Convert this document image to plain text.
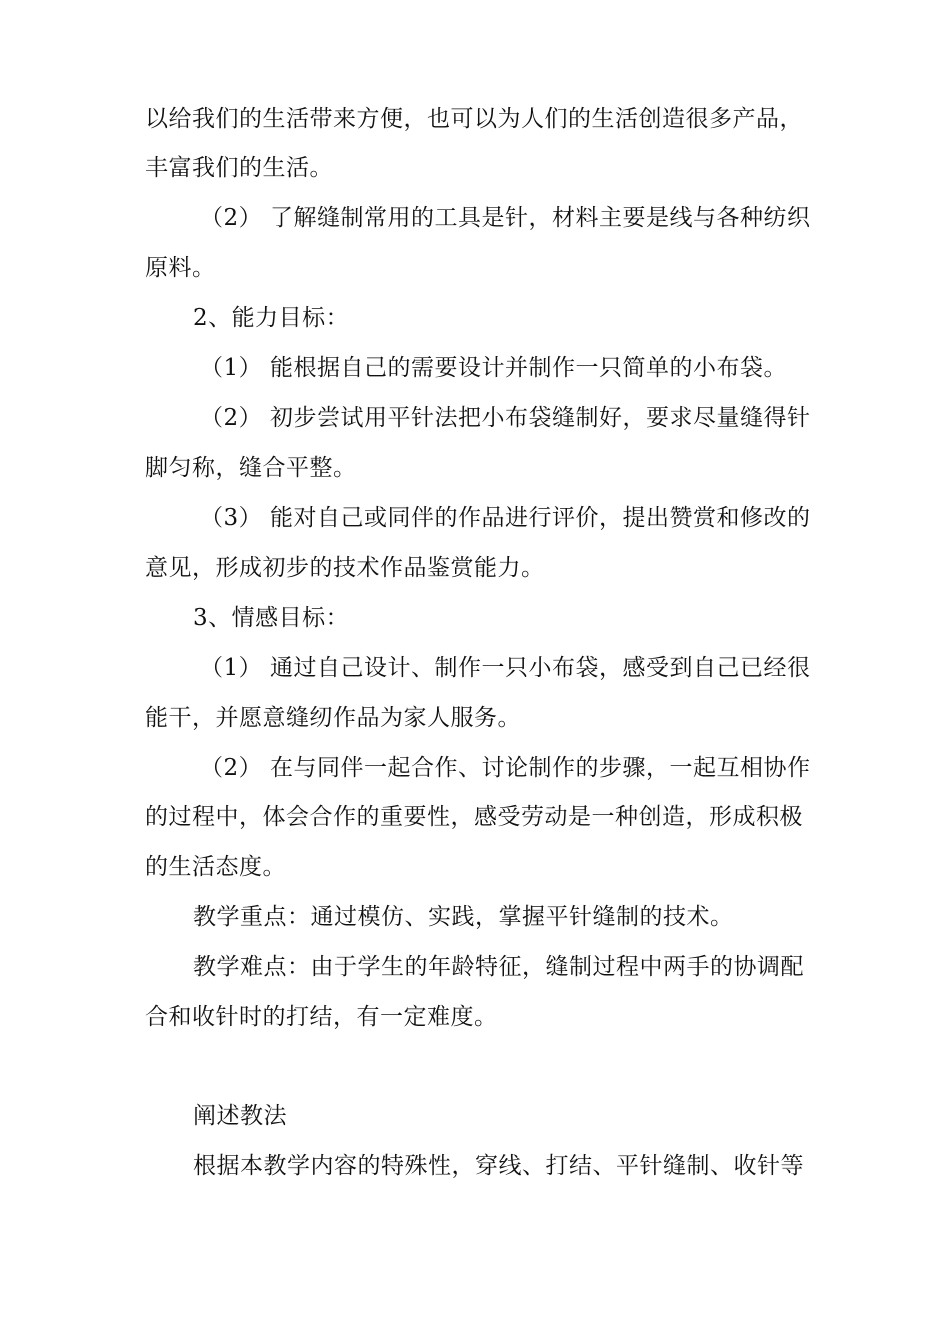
以给我们的生活带来方便，也可以为人们的生活创造很多产品，
丰富我们的生活。
（2） 了解缝制常用的工具是针，材料主要是线与各种纺织
原料。
2、能力目标：
（1） 能根据自己的需要设计并制作一只简单的小布袋。
（2） 初步尝试用平针法把小布袋缝制好，要求尽量缝得针
脚匀称，缝合平整。
（3） 能对自己或同伴的作品进行评价，提出赞赏和修改的
意见，形成初步的技术作品鉴赏能力。
3、情感目标：
（1） 通过自己设计、制作一只小布袋，感受到自己已经很
能干，并愿意缝纫作品为家人服务。
（2） 在与同伴一起合作、讨论制作的步骤，一起互相协作
的过程中，体会合作的重要性，感受劳动是一种创造，形成积极
的生活态度。
教学重点：通过模仿、实践，掌握平针缝制的技术。
教学难点：由于学生的年龄特征，缝制过程中两手的协调配
合和收针时的打结，有一定难度。
阐述教法
根据本教学内容的特殊性，穿线、打结、平针缝制、收针等
